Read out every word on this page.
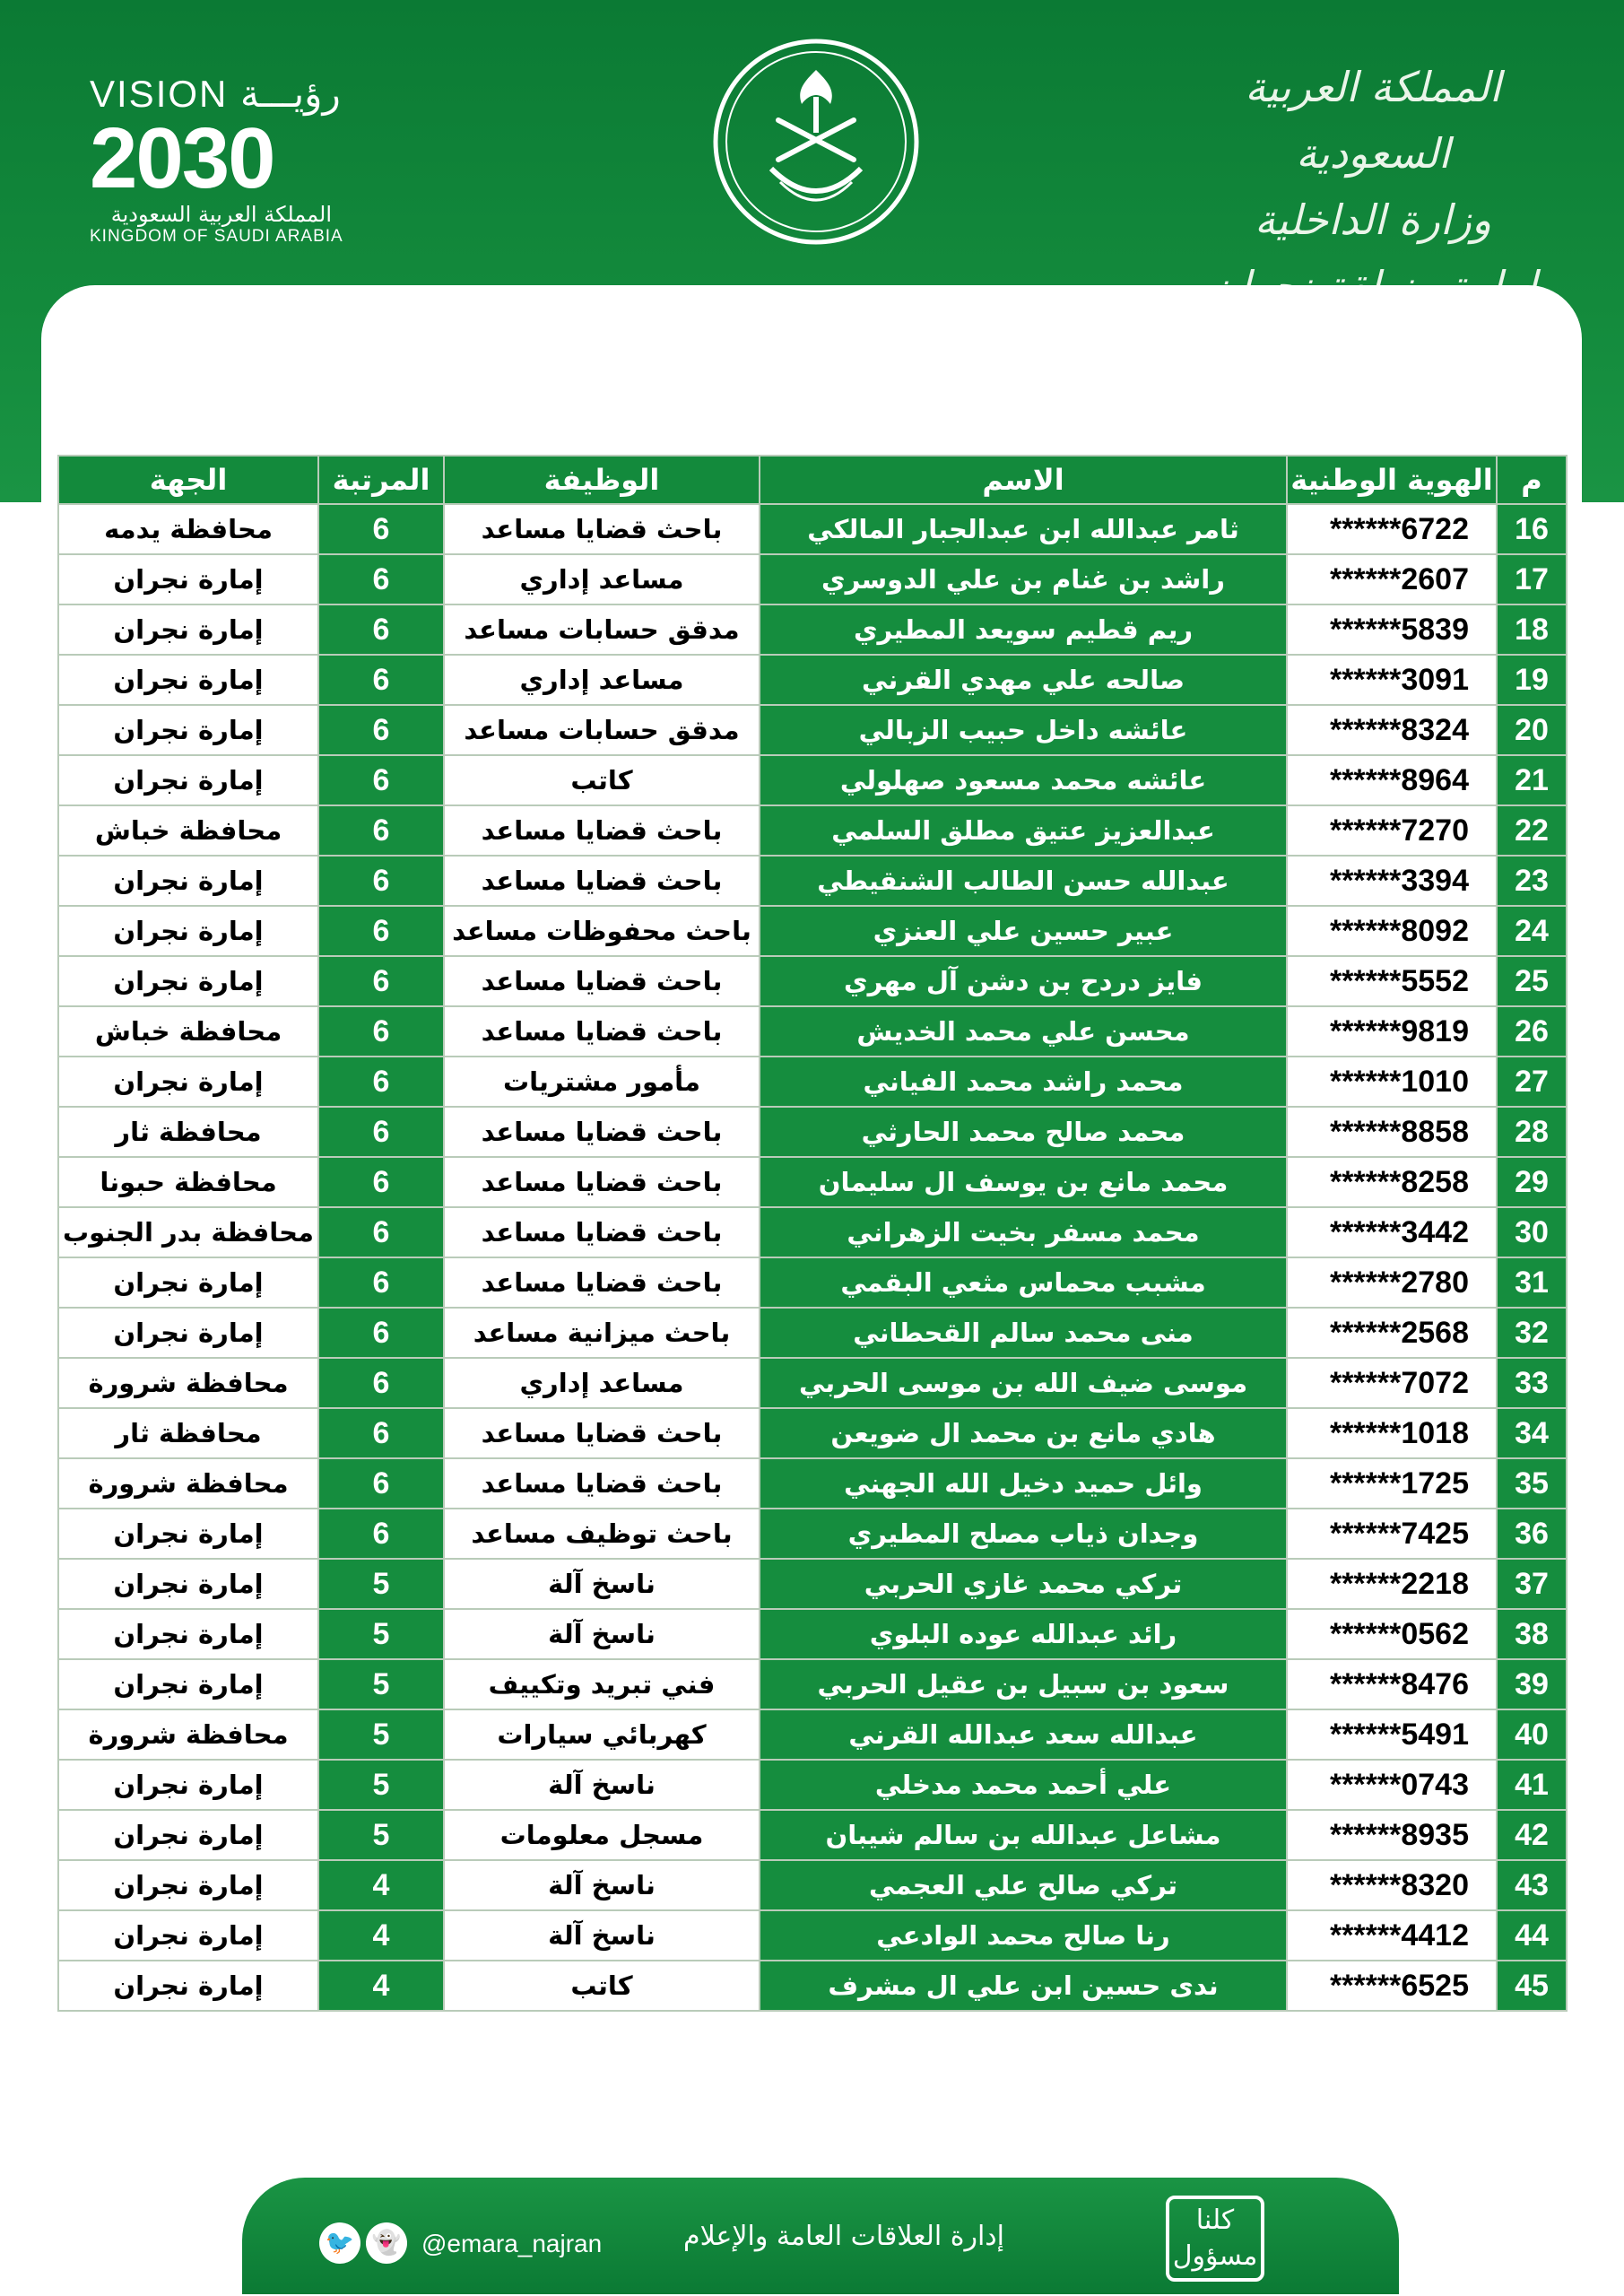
VISION رؤيـــة
2030
المملكة العربية السعودية
KINGDOM OF SAUDI ARABIA
المملكة العربية السعودية
وزارة الداخلية
م	الهوية الوطنية	الاسم	الوظيفة	المرتبة	الجهة
16	******6722	ثامر عبدالله ابن عبدالجبار المالكي	باحث قضايا مساعد	6	محافظة يدمه
17	******2607	راشد بن غنام بن علي الدوسري	مساعد إداري	6	إمارة نجران
18	******5839	ريم قطيم سويعد المطيري	مدقق حسابات مساعد	6	إمارة نجران
19	******3091	صالحه علي مهدي القرني	مساعد إداري	6	إمارة نجران
20	******8324	عائشه داخل حبيب الزبالي	مدقق حسابات مساعد	6	إمارة نجران
21	******8964	عائشه محمد مسعود صهلولي	كاتب	6	إمارة نجران
22	******7270	عبدالعزيز عتيق مطلق السلمي	باحث قضايا مساعد	6	محافظة خباش
23	******3394	عبدالله حسن الطالب الشنقيطي	باحث قضايا مساعد	6	إمارة نجران
24	******8092	عبير حسين علي العنزي	باحث محفوظات مساعد	6	إمارة نجران
25	******5552	فايز دردح بن دشن آل مهري	باحث قضايا مساعد	6	إمارة نجران
26	******9819	محسن علي محمد الخديش	باحث قضايا مساعد	6	محافظة خباش
27	******1010	محمد راشد محمد الفياني	مأمور مشتريات	6	إمارة نجران
28	******8858	محمد صالح محمد الحارثي	باحث قضايا مساعد	6	محافظة ثار
29	******8258	محمد مانع بن يوسف ال سليمان	باحث قضايا مساعد	6	محافظة حبونا
30	******3442	محمد مسفر بخيت الزهراني	باحث قضايا مساعد	6	محافظة بدر الجنوب
31	******2780	مشبب محماس مثعي البقمي	باحث قضايا مساعد	6	إمارة نجران
32	******2568	منى محمد سالم القحطاني	باحث ميزانية مساعد	6	إمارة نجران
33	******7072	موسى ضيف الله بن موسى الحربي	مساعد إداري	6	محافظة شرورة
34	******1018	هادي مانع بن محمد ال ضويعن	باحث قضايا مساعد	6	محافظة ثار
35	******1725	وائل حميد دخيل الله الجهني	باحث قضايا مساعد	6	محافظة شرورة
36	******7425	وجدان ذياب مصلح المطيري	باحث توظيف مساعد	6	إمارة نجران
37	******2218	تركي محمد غازي الحربي	ناسخ آلة	5	إمارة نجران
38	******0562	رائد عبدالله عوده البلوي	ناسخ آلة	5	إمارة نجران
39	******8476	سعود بن سبيل بن عقيل الحربي	فني تبريد وتكييف	5	إمارة نجران
40	******5491	عبدالله سعد عبدالله القرني	كهربائي سيارات	5	محافظة شرورة
41	******0743	علي أحمد محمد مدخلي	ناسخ آلة	5	إمارة نجران
42	******8935	مشاعل عبدالله بن سالم شيبان	مسجل معلومات	5	إمارة نجران
43	******8320	تركي صالح علي العجمي	ناسخ آلة	4	إمارة نجران
44	******4412	رنا صالح محمد الوادعي	ناسخ آلة	4	إمارة نجران
45	******6525	ندى حسين ابن علي ال مشرف	كاتب	4	إمارة نجران
كلنا
مسؤول
إدارة العلاقات العامة والإعلام
@emara_najran
👻
🐦
